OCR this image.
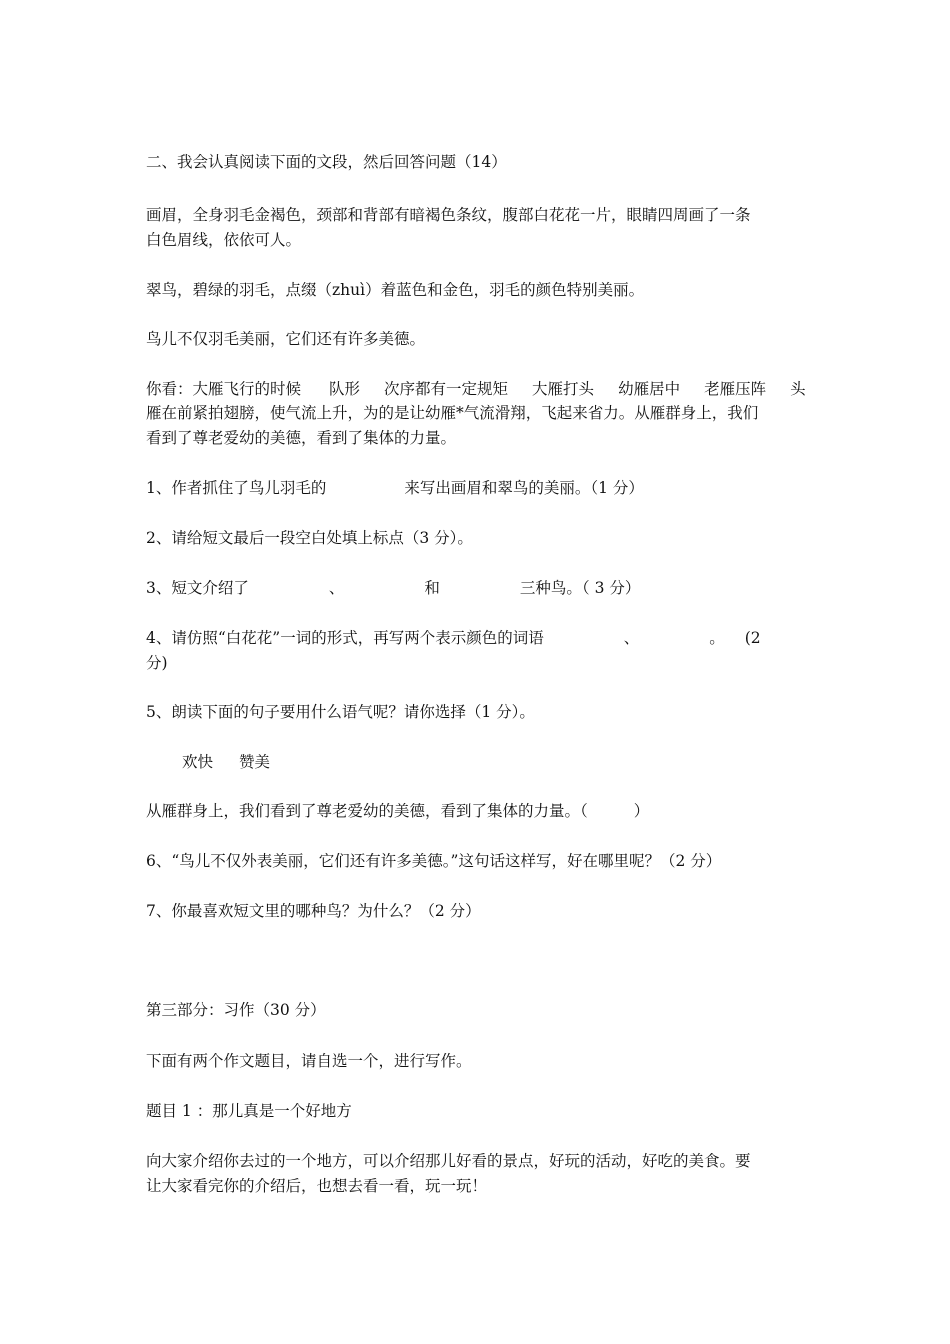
二、我会认真阅读下面的文段，然后回答问题（14）
画眉，全身羽毛金褐色，颈部和背部有暗褐色条纹，腹部白花花一片，眼睛四周画了一条
白色眉线，依依可人。
翠鸟，碧绿的羽毛，点缀（zhuì）着蓝色和金色，羽毛的颜色特别美丽。
鸟儿不仅羽毛美丽，它们还有许多美德。
你看：大雁飞行的时候 队形 次序都有一定规矩 大雁打头 幼雁居中 老雁压阵 头
雁在前紧拍翅膀，使气流上升，为的是让幼雁*气流滑翔，飞起来省力。从雁群身上，我们
看到了尊老爱幼的美德，看到了集体的力量。
1、作者抓住了鸟儿羽毛的	来写出画眉和翠鸟的美丽。（1 分）
2、请给短文最后一段空白处填上标点（3 分）。
3、短文介绍了	、	和	三种鸟。（ 3 分）
4、请仿照“白花花”一词的形式，再写两个表示颜色的词语	、	。 (2
分)
5、朗读下面的句子要用什么语气呢？请你选择（1 分）。
欢快 赞美
从雁群身上，我们看到了尊老爱幼的美德，看到了集体的力量。（	）
6、“鸟儿不仅外表美丽，它们还有许多美德。”这句话这样写，好在哪里呢？（2 分）
7、你最喜欢短文里的哪种鸟？为什么？（2 分）
第三部分：习作（30 分）
下面有两个作文题目，请自选一个，进行写作。
题目 1 ：那儿真是一个好地方
向大家介绍你去过的一个地方，可以介绍那儿好看的景点，好玩的活动，好吃的美食。要
让大家看完你的介绍后，也想去看一看，玩一玩！
